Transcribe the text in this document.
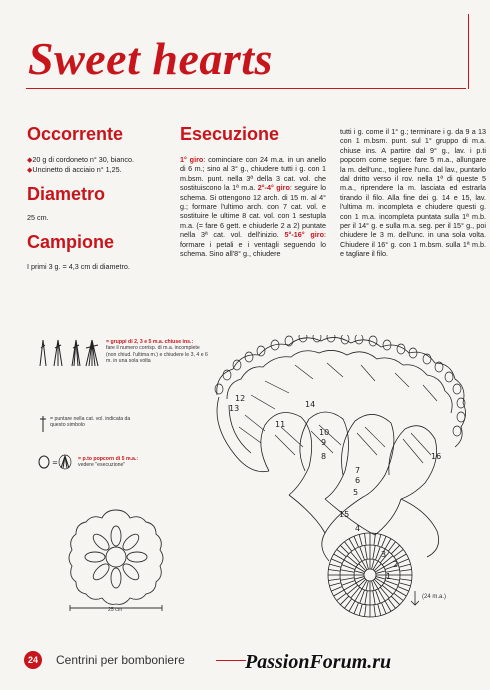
Sweet hearts
Occorrente
◆20 g di cordoneto n° 30, bianco.
◆Uncinetto di acciaio n° 1,25.
Diametro
25 cm.
Campione
I primi 3 g. = 4,3 cm di diametro.
Esecuzione
1° giro: cominciare con 24 m.a. in un anello di 6 m.; sino al 3° g., chiudere tutti i g. con 1 m.bsm. punt. nella 3ª della 3 cat. vol. che sostituiscono la 1ª m.a. 2°-4° giro: seguire lo schema. Si ottengono 12 arch. di 15 m. al 4° g.; formare l'ultimo arch. con 7 cat. vol. e sostituire le ultime 8 cat. vol. con 1 sestupla m.a. (= fare 6 gett. e chiuderle 2 a 2) puntate nella 3ª cat. vol. dell'inizio. 5°-16° giro: formare i petali e i ventagli seguendo lo schema. Sino all'8° g., chiudere
tutti i g. come il 1° g.; terminare i g. da 9 a 13 con 1 m.bsm. punt. sul 1° gruppo di m.a. chiuse ins. A partire dal 9° g., lav. i p.ti popcorn come segue: fare 5 m.a., allungare la m. dell'unc., togliere l'unc. dal lav., puntarlo dal dritto verso il rov. nella 1ª di queste 5 m.a., riprendere la m. lasciata ed estrarla tirando il filo. Alla fine dei g. 14 e 15, lav. l'ultima m. incompleta e chiudere questi g. con 1 m.a. incompleta puntata sulla 1ª m.b. per il 14° g. e sulla m.a. seg. per il 15° g., poi chiudere le 3 m. dell'unc. in una sola volta. Chiudere il 16° g. con 1 m.bsm. sulla 1ª m.b. e tagliare il filo.
= gruppi di 2, 3 e 5 m.a. chiuse ins.:
fare il numero corrisp. di m.a. incomplete (non chiud. l'ultima m.) e chiudere le 3, 4 e 6 m. in una sola volta
= puntare nella cat. vol. indicata da questo simbolo
=	= p.to popcorn di 5 m.a.:
vedere "esecuzione"
25 cm
1
2
3
4
5
6
7
8
9
10
11
12
13	14
15
16
(24 m.a.)
24	Centrini per bomboniere	PassionForum.ru
